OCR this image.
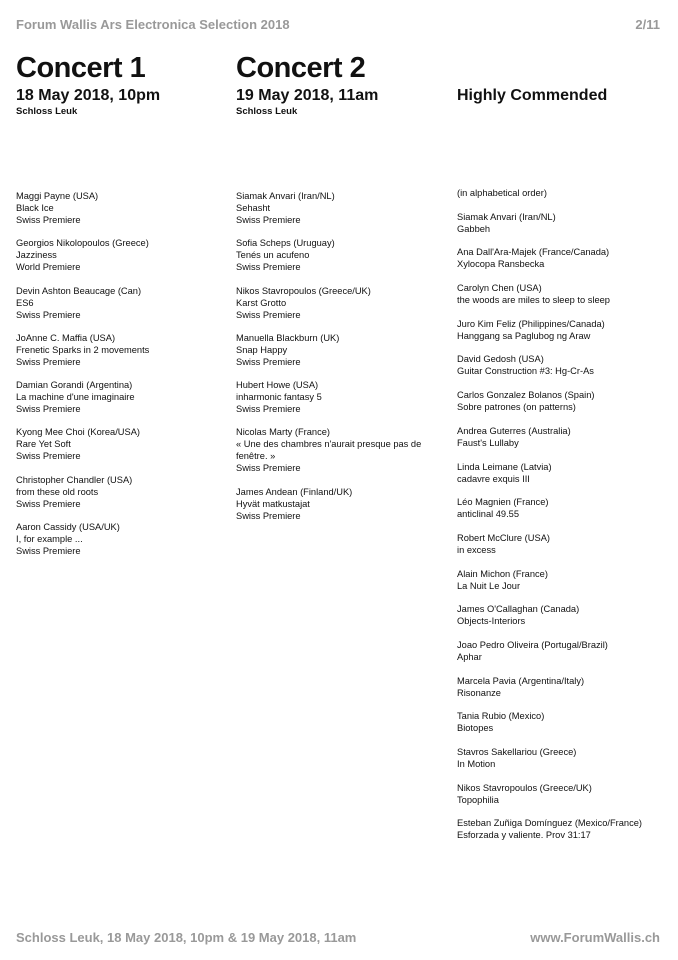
Forum Wallis Ars Electronica Selection 2018	2/11
Concert 1
18 May 2018, 10pm
Schloss Leuk
Concert 2
19 May 2018, 11am
Schloss Leuk
Highly Commended
Maggi Payne (USA)
Black Ice
Swiss Premiere
Georgios Nikolopoulos (Greece)
Jazziness
World Premiere
Devin Ashton Beaucage (Can)
ES6
Swiss Premiere
JoAnne C. Maffia (USA)
Frenetic Sparks in 2 movements
Swiss Premiere
Damian Gorandi (Argentina)
La machine d'une imaginaire
Swiss Premiere
Kyong Mee Choi (Korea/USA)
Rare Yet Soft
Swiss Premiere
Christopher Chandler (USA)
from these old roots
Swiss Premiere
Aaron Cassidy (USA/UK)
I, for example ...
Swiss Premiere
Siamak Anvari (Iran/NL)
Sehasht
Swiss Premiere
Sofia Scheps (Uruguay)
Tenés un acufeno
Swiss Premiere
Nikos Stavropoulos (Greece/UK)
Karst Grotto
Swiss Premiere
Manuella Blackburn (UK)
Snap Happy
Swiss Premiere
Hubert Howe (USA)
inharmonic fantasy 5
Swiss Premiere
Nicolas Marty (France)
« Une des chambres n'aurait presque pas de fenêtre. »
Swiss Premiere
James Andean (Finland/UK)
Hyvät matkustajat
Swiss Premiere
(in alphabetical order)
Siamak Anvari (Iran/NL)
Gabbeh
Ana Dall'Ara-Majek (France/Canada)
Xylocopa Ransbecka
Carolyn Chen (USA)
the woods are miles to sleep to sleep
Juro Kim Feliz (Philippines/Canada)
Hanggang sa Paglubog ng Araw
David Gedosh (USA)
Guitar Construction #3: Hg-Cr-As
Carlos Gonzalez Bolanos (Spain)
Sobre patrones (on patterns)
Andrea Guterres (Australia)
Faust's Lullaby
Linda Leimane (Latvia)
cadavre exquis III
Léo Magnien (France)
anticlinal 49.55
Robert McClure (USA)
in excess
Alain Michon (France)
La Nuit Le Jour
James O'Callaghan (Canada)
Objects-Interiors
Joao Pedro Oliveira (Portugal/Brazil)
Aphar
Marcela Pavia (Argentina/Italy)
Risonanze
Tania Rubio (Mexico)
Biotopes
Stavros Sakellariou (Greece)
In Motion
Nikos Stavropoulos (Greece/UK)
Topophilia
Esteban Zuñiga Domínguez (Mexico/France)
Esforzada y valiente. Prov 31:17
Schloss Leuk, 18 May 2018, 10pm & 19 May 2018, 11am	www.ForumWallis.ch
